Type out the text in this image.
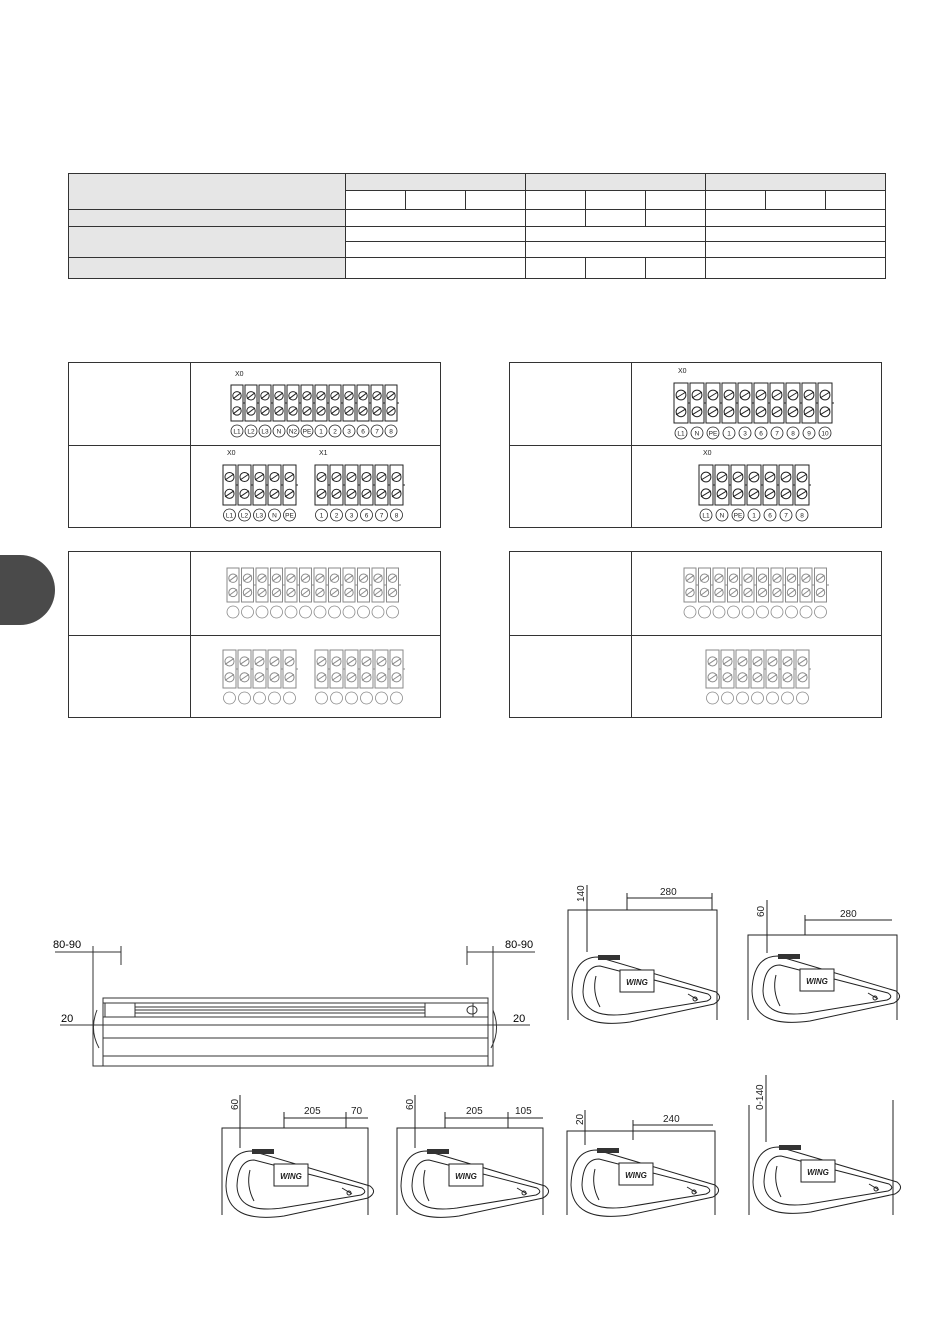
X0
L1 L2 L3 N N2 PE 1 2 3 6 7 8
X0
L1 L2 L3 N PE
X1
1 2 3 6 7 8
X0
L1 N PE 1 3 6 7 8 9 10
X0
L1 N PE 1 6 7 8
80-90	80-90
20	20
140	280
WING
60	280
WING
60
205	70
WING
60
205	105
WING
20	240
WING
0-140
WING
